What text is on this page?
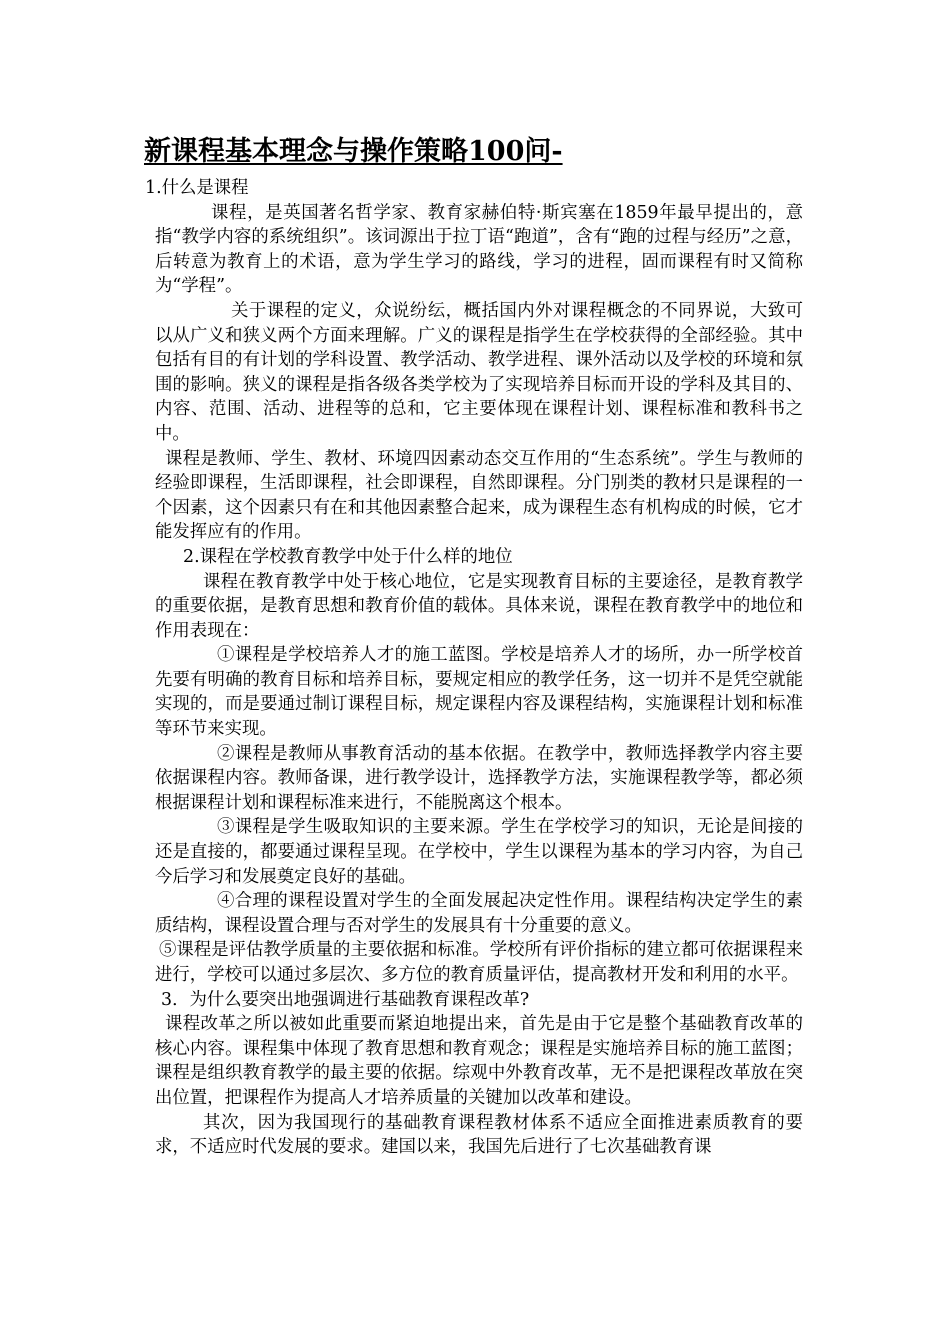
新课程基本理念与操作策略100问-

1.什么是课程

课程，是英国著名哲学家、教育家赫伯特·斯宾塞在1859年最早提出的，意指“教学内容的系统组织”。该词源出于拉丁语“跑道”，含有“跑的过程与经历”之意，后转意为教育上的术语，意为学生学习的路线，学习的进程，固而课程有时又简称为“学程”。

关于课程的定义，众说纷纭，概括国内外对课程概念的不同界说，大致可以从广义和狭义两个方面来理解。广义的课程是指学生在学校获得的全部经验。其中包括有目的有计划的学科设置、教学活动、教学进程、课外活动以及学校的环境和氛围的影响。狭义的课程是指各级各类学校为了实现培养目标而开设的学科及其目的、内容、范围、活动、进程等的总和，它主要体现在课程计划、课程标准和教科书之中。

课程是教师、学生、教材、环境四因素动态交互作用的“生态系统”。学生与教师的经验即课程，生活即课程，社会即课程，自然即课程。分门别类的教材只是课程的一个因素，这个因素只有在和其他因素整合起来，成为课程生态有机构成的时候，它才能发挥应有的作用。

2.课程在学校教育教学中处于什么样的地位

课程在教育教学中处于核心地位，它是实现教育目标的主要途径，是教育教学的重要依据，是教育思想和教育价值的载体。具体来说，课程在教育教学中的地位和作用表现在：

①课程是学校培养人才的施工蓝图。学校是培养人才的场所，办一所学校首先要有明确的教育目标和培养目标，要规定相应的教学任务，这一切并不是凭空就能实现的，而是要通过制订课程目标，规定课程内容及课程结构，实施课程计划和标准等环节来实现。

②课程是教师从事教育活动的基本依据。在教学中，教师选择教学内容主要依据课程内容。教师备课，进行教学设计，选择教学方法，实施课程教学等，都必须根据课程计划和课程标准来进行，不能脱离这个根本。

③课程是学生吸取知识的主要来源。学生在学校学习的知识，无论是间接的还是直接的，都要通过课程呈现。在学校中，学生以课程为基本的学习内容，为自己今后学习和发展奠定良好的基础。

④合理的课程设置对学生的全面发展起决定性作用。课程结构决定学生的素质结构，课程设置合理与否对学生的发展具有十分重要的意义。

⑤课程是评估教学质量的主要依据和标准。学校所有评价指标的建立都可依据课程来进行，学校可以通过多层次、多方位的教育质量评估，提高教材开发和利用的水平。

3．为什么要突出地强调进行基础教育课程改革?

课程改革之所以被如此重要而紧迫地提出来，首先是由于它是整个基础教育改革的核心内容。课程集中体现了教育思想和教育观念；课程是实施培养目标的施工蓝图；课程是组织教育教学的最主要的依据。综观中外教育改革，无不是把课程改革放在突出位置，把课程作为提高人才培养质量的关键加以改革和建设。

其次，因为我国现行的基础教育课程教材体系不适应全面推进素质教育的要求，不适应时代发展的要求。建国以来，我国先后进行了七次基础教育课
